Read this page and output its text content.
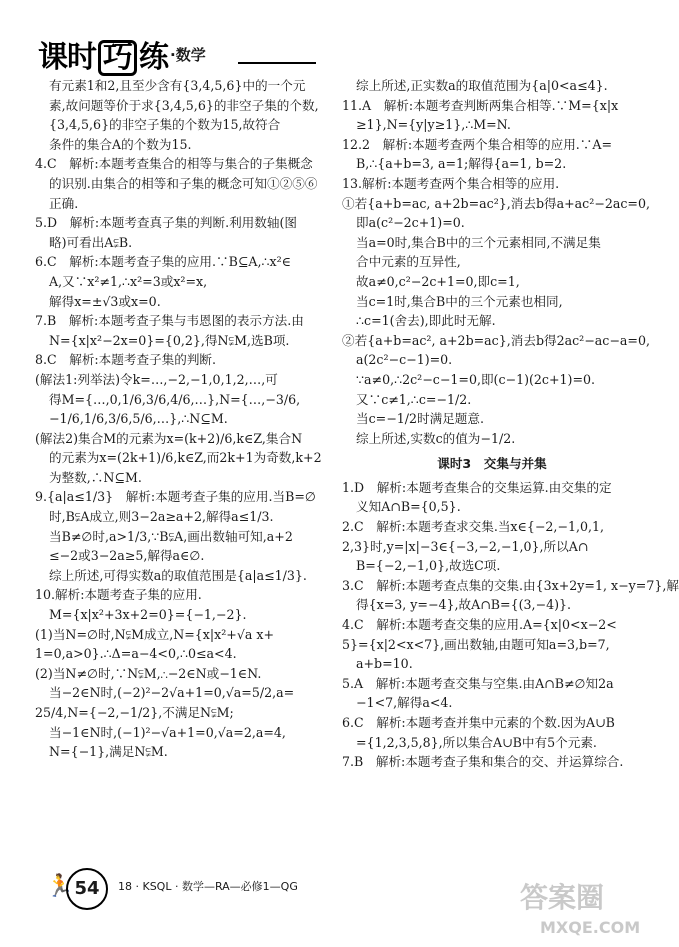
课时 巧 练 ·数学

有元素1和2,且至少含有{3,4,5,6}中的一个元

素,故问题等价于求{3,4,5,6}的非空子集的个数,

{3,4,5,6}的非空子集的个数为15,故符合

条件的集合A的个数为15.

4.C　解析:本题考查集合的相等与集合的子集概念

的识别.由集合的相等和子集的概念可知①②⑤⑥

正确.

5.D　解析:本题考查真子集的判断.利用数轴(图

略)可看出A⫋B.

6.C　解析:本题考查子集的应用.∵B⊆A,∴x²∈

A,又∵x²≠1,∴x²=3或x²=x,

解得x=±√3或x=0.

7.B　解析:本题考查子集与韦恩图的表示方法.由

N={x|x²−2x=0}={0,2},得N⫋M,选B项.

8.C　解析:本题考查子集的判断.

(解法1:列举法)令k=…,−2,−1,0,1,2,…,可

得M={…,0,1/6,3/6,4/6,…},N={…,−3/6,

−1/6,1/6,3/6,5/6,…},∴N⊆M.

(解法2)集合M的元素为x=(k+2)/6,k∈Z,集合N

的元素为x=(2k+1)/6,k∈Z,而2k+1为奇数,k+2

为整数,∴N⊆M.

9.{a|a≤1/3}　解析:本题考查子集的应用.当B=∅

时,B⫋A成立,则3−2a≥a+2,解得a≤1/3.

当B≠∅时,a>1/3,∵B⫋A,画出数轴可知,a+2

≤−2或3−2a≥5,解得a∈∅.

综上所述,可得实数a的取值范围是{a|a≤1/3}.

10.解析:本题考查子集的应用.

M={x|x²+3x+2=0}={−1,−2}.

(1)当N=∅时,N⫋M成立,N={x|x²+√a x+

1=0,a>0}.∴Δ=a−4<0,∴0≤a<4.

(2)当N≠∅时,∵N⫋M,∴−2∈N或−1∈N.

当−2∈N时,(−2)²−2√a+1=0,√a=5/2,a=

25/4,N={−2,−1/2},不满足N⫋M;

当−1∈N时,(−1)²−√a+1=0,√a=2,a=4,

N={−1},满足N⫋M.

综上所述,正实数a的取值范围为{a|0<a≤4}.

11.A　解析:本题考查判断两集合相等.∵M={x|x

≥1},N={y|y≥1},∴M=N.

12.2　解析:本题考查两个集合相等的应用.∵A=

B,∴{a+b=3, a=1;解得{a=1, b=2.

13.解析:本题考查两个集合相等的应用.

①若{a+b=ac, a+2b=ac²},消去b得a+ac²−2ac=0,

即a(c²−2c+1)=0.

当a=0时,集合B中的三个元素相同,不满足集

合中元素的互异性,

故a≠0,c²−2c+1=0,即c=1,

当c=1时,集合B中的三个元素也相同,

∴c=1(舍去),即此时无解.

②若{a+b=ac², a+2b=ac},消去b得2ac²−ac−a=0,

a(2c²−c−1)=0.

∵a≠0,∴2c²−c−1=0,即(c−1)(2c+1)=0.

又∵c≠1,∴c=−1/2.

当c=−1/2时满足题意.

综上所述,实数c的值为−1/2.

课时3　交集与并集

1.D　解析:本题考查集合的交集运算.由交集的定

义知A∩B={0,5}.

2.C　解析:本题考查求交集.当x∈{−2,−1,0,1,

2,3}时,y=|x|−3∈{−3,−2,−1,0},所以A∩

B={−2,−1,0},故选C项.

3.C　解析:本题考查点集的交集.由{3x+2y=1, x−y=7},解

得{x=3, y=−4},故A∩B={(3,−4)}.

4.C　解析:本题考查交集的应用.A={x|0<x−2<

5}={x|2<x<7},画出数轴,由题可知a=3,b=7,

a+b=10.

5.A　解析:本题考查交集与空集.由A∩B≠∅知2a

−1<7,解得a<4.

6.C　解析:本题考查并集中元素的个数.因为A∪B

={1,2,3,5,8},所以集合A∪B中有5个元素.

7.B　解析:本题考查子集和集合的交、并运算综合.

🏃 54	18 · KSQL · 数学—RA—必修1—QG	答案圈
MXQE.COM
